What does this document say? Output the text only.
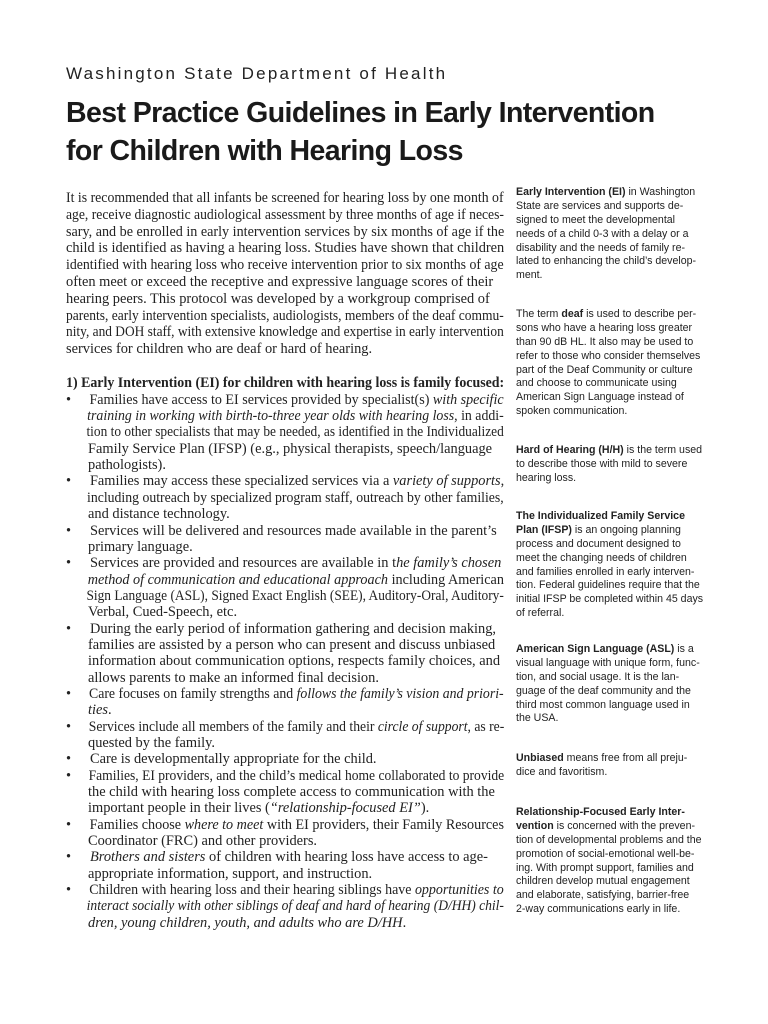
Washington State Department of Health
Best Practice Guidelines in Early Intervention
for Children with Hearing Loss
It is recommended that all infants be screened for hearing loss by one month of
age, receive diagnostic audiological assessment by three months of age if neces-
sary, and be enrolled in early intervention services by six months of age if the
child is identified as having a hearing loss. Studies have shown that children
identified with hearing loss who receive intervention prior to six months of age
often meet or exceed the receptive and expressive language scores of their
hearing peers. This protocol was developed by a workgroup comprised of
parents, early intervention specialists, audiologists, members of the deaf commu-
nity, and DOH staff, with extensive knowledge and expertise in early intervention
services for children who are deaf or hard of hearing.
1) Early Intervention (EI) for children with hearing loss is family focused:
•	Families have access to EI services provided by specialist(s) with specific
training in working with birth-to-three year olds with hearing loss, in addi-
tion to other specialists that may be needed, as identified in the Individualized
Family Service Plan (IFSP) (e.g., physical therapists, speech/language
pathologists).
•	Families may access these specialized services via a variety of supports,
including outreach by specialized program staff, outreach by other families,
and distance technology.
•	Services will be delivered and resources made available in the parent’s
primary language.
•	Services are provided and resources are available in the family’s chosen
method of communication and educational approach including American
Sign Language (ASL), Signed Exact English (SEE), Auditory-Oral, Auditory-
Verbal, Cued-Speech, etc.
•	During the early period of information gathering and decision making,
families are assisted by a person who can present and discuss unbiased
information about communication options, respects family choices, and
allows parents to make an informed final decision.
•	Care focuses on family strengths and follows the family’s vision and priori-
ties.
•	Services include all members of the family and their circle of support, as re-
quested by the family.
•	Care is developmentally appropriate for the child.
•	Families, EI providers, and the child’s medical home collaborated to provide
the child with hearing loss complete access to communication with the
important people in their lives (“relationship-focused EI”).
•	Families choose where to meet with EI providers, their Family Resources
Coordinator (FRC) and other providers.
•	Brothers and sisters of children with hearing loss have access to age-
appropriate information, support, and instruction.
•	Children with hearing loss and their hearing siblings have opportunities to
interact socially with other siblings of deaf and hard of hearing (D/HH) chil-
dren, young children, youth, and adults who are D/HH.
Early Intervention (EI) in Washington
State are services and supports de-
signed to meet the developmental
needs of a child 0-3 with a delay or a
disability and the needs of family re-
lated to enhancing the child’s develop-
ment.
The term deaf is used to describe per-
sons who have a hearing loss greater
than 90 dB HL. It also may be used to
refer to those who consider themselves
part of the Deaf Community or culture
and choose to communicate using
American Sign Language instead of
spoken communication.
Hard of Hearing (H/H) is the term used
to describe those with mild to severe
hearing loss.
The Individualized Family Service
Plan (IFSP) is an ongoing planning
process and document designed to
meet the changing needs of children
and families enrolled in early interven-
tion. Federal guidelines require that the
initial IFSP be completed within 45 days
of referral.
American Sign Language (ASL) is a
visual language with unique form, func-
tion, and social usage. It is the lan-
guage of the deaf community and the
third most common language used in
the USA.
Unbiased means free from all preju-
dice and favoritism.
Relationship-Focused Early Inter-
vention is concerned with the preven-
tion of developmental problems and the
promotion of social-emotional well-be-
ing. With prompt support, families and
children develop mutual engagement
and elaborate, satisfying, barrier-free
2-way communications early in life.
